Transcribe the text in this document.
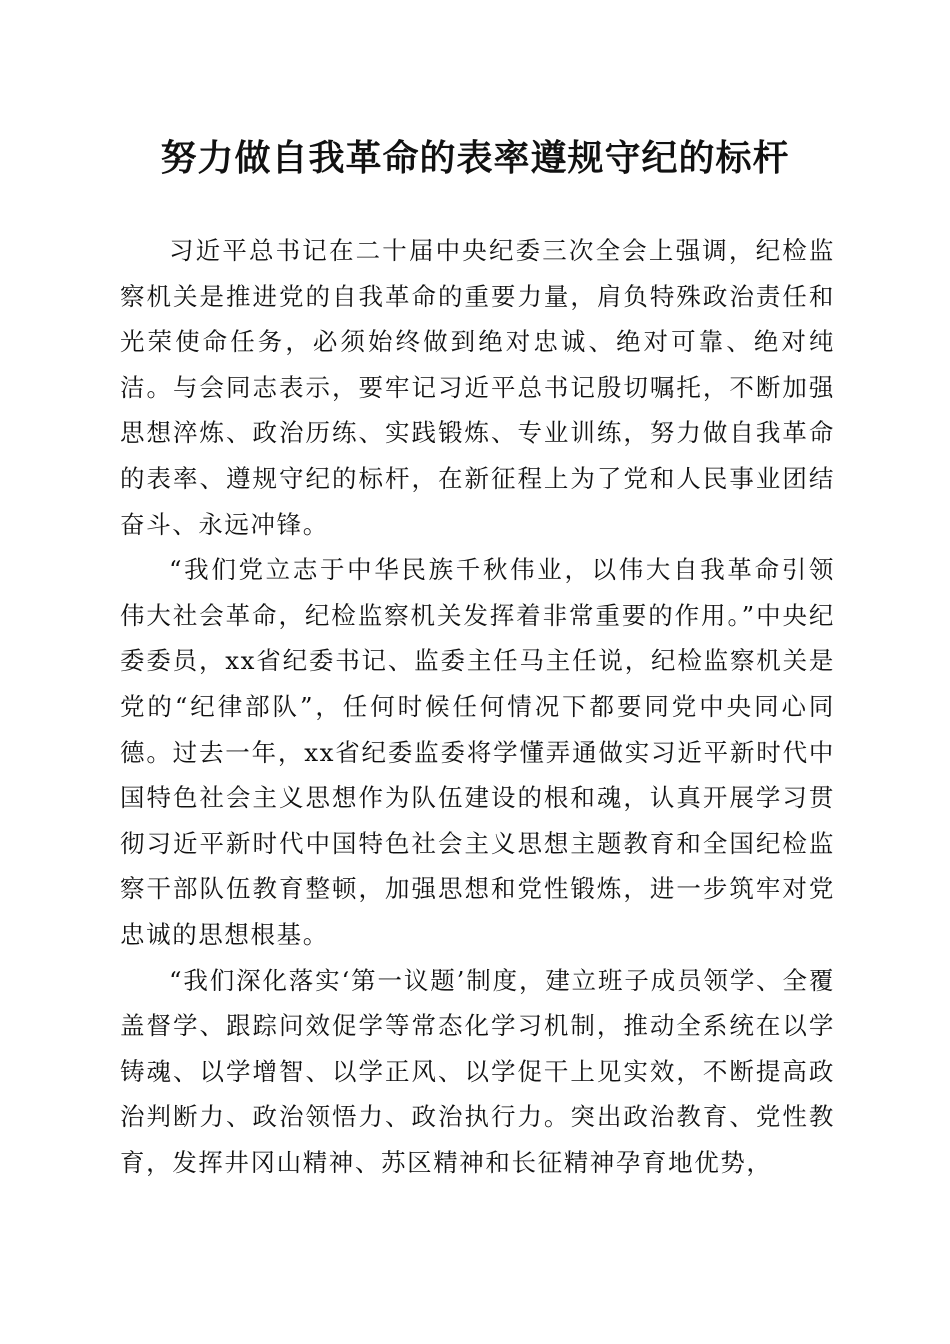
努力做自我革命的表率遵规守纪的标杆

习近平总书记在二十届中央纪委三次全会上强调，纪检监察机关是推进党的自我革命的重要力量，肩负特殊政治责任和光荣使命任务，必须始终做到绝对忠诚、绝对可靠、绝对纯洁。与会同志表示，要牢记习近平总书记殷切嘱托，不断加强思想淬炼、政治历练、实践锻炼、专业训练，努力做自我革命的表率、遵规守纪的标杆，在新征程上为了党和人民事业团结奋斗、永远冲锋。

“我们党立志于中华民族千秋伟业，以伟大自我革命引领伟大社会革命，纪检监察机关发挥着非常重要的作用。”中央纪委委员，xx省纪委书记、监委主任马主任说，纪检监察机关是党的“纪律部队”，任何时候任何情况下都要同党中央同心同德。过去一年，xx省纪委监委将学懂弄通做实习近平新时代中国特色社会主义思想作为队伍建设的根和魂，认真开展学习贯彻习近平新时代中国特色社会主义思想主题教育和全国纪检监察干部队伍教育整顿，加强思想和党性锻炼，进一步筑牢对党忠诚的思想根基。

“我们深化落实‘第一议题’制度，建立班子成员领学、全覆盖督学、跟踪问效促学等常态化学习机制，推动全系统在以学铸魂、以学增智、以学正风、以学促干上见实效，不断提高政治判断力、政治领悟力、政治执行力。突出政治教育、党性教育，发挥井冈山精神、苏区精神和长征精神孕育地优势，
